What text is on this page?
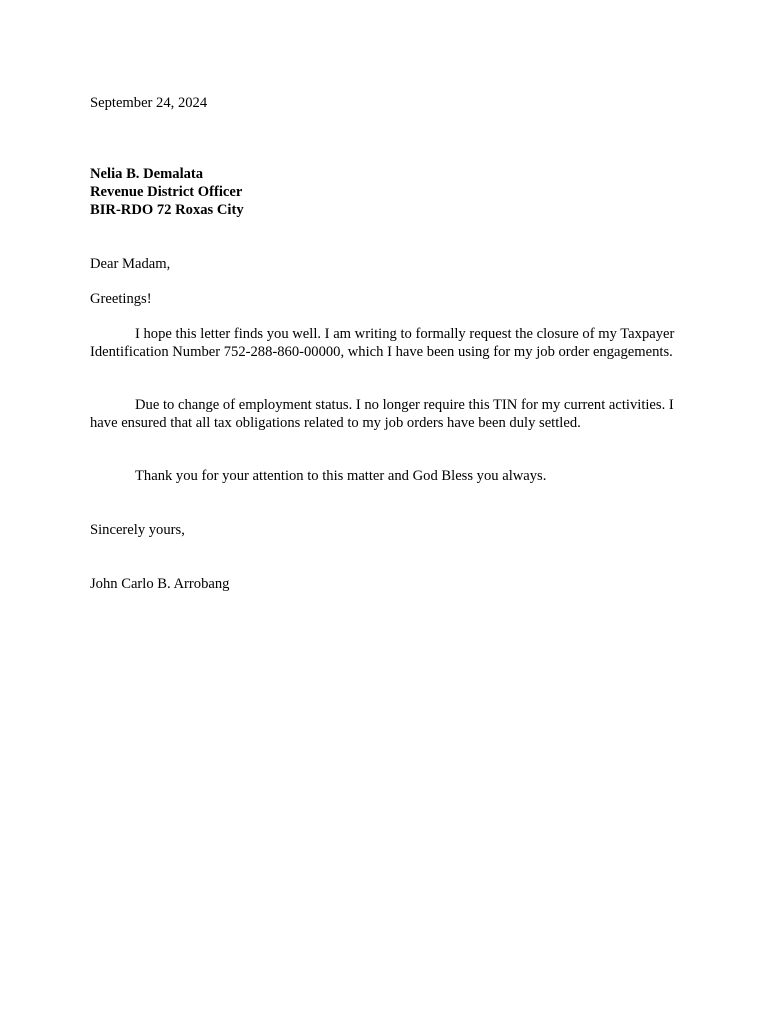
September 24, 2024
Nelia B. Demalata
Revenue District Officer
BIR-RDO 72 Roxas City
Dear Madam,
Greetings!
I hope this letter finds you well. I am writing to formally request the closure of my Taxpayer Identification Number 752-288-860-00000, which I have been using for my job order engagements.
Due to change of employment status. I no longer require this TIN for my current activities. I have ensured that all tax obligations related to my job orders have been duly settled.
Thank you for your attention to this matter and God Bless you always.
Sincerely yours,
John Carlo B. Arrobang
